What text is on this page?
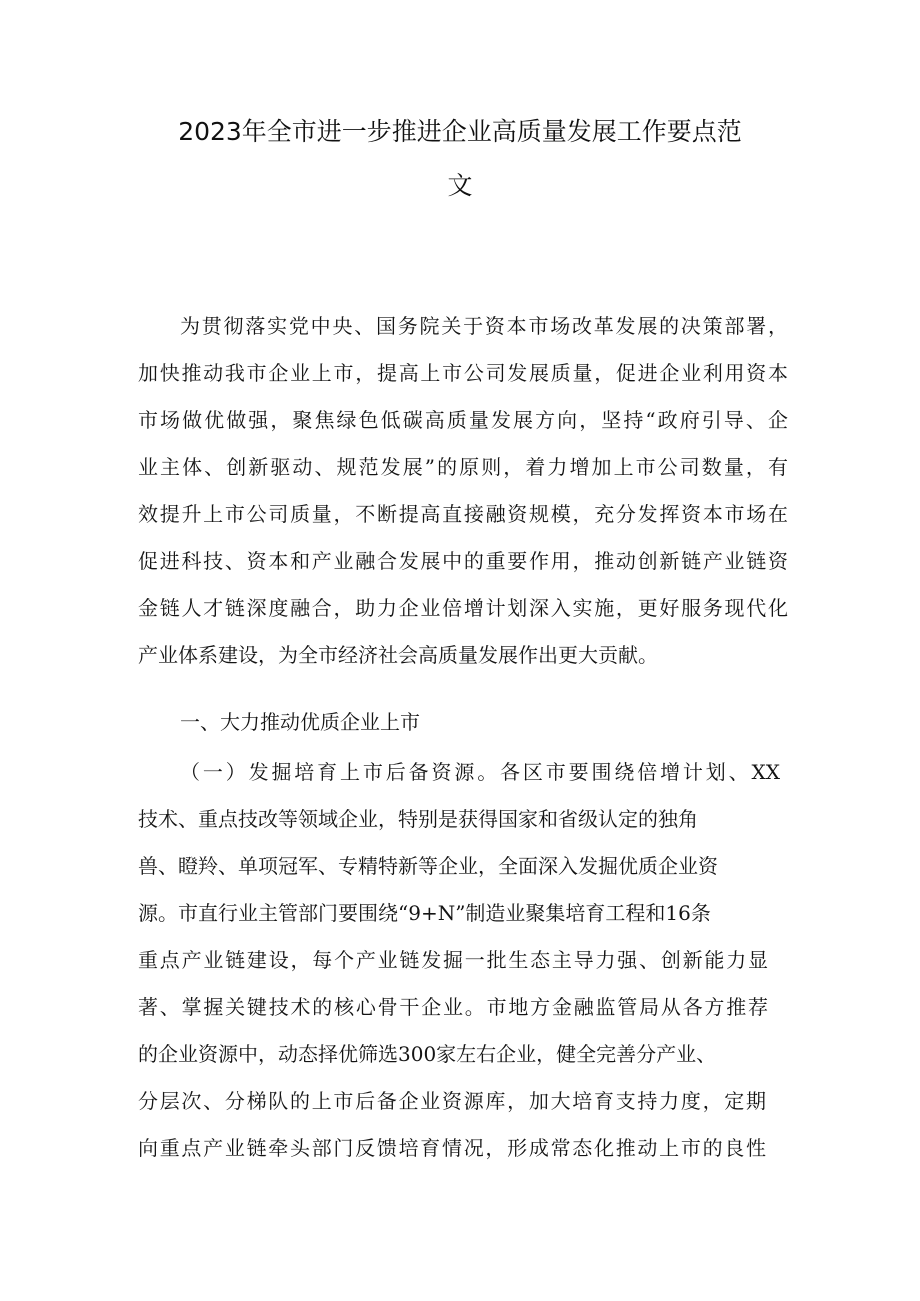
2023年全市进一步推进企业高质量发展工作要点范
文
为贯彻落实党中央、国务院关于资本市场改革发展的决策部署，
加快推动我市企业上市，提高上市公司发展质量，促进企业利用资本
市场做优做强，聚焦绿色低碳高质量发展方向，坚持“政府引导、企
业主体、创新驱动、规范发展”的原则，着力增加上市公司数量，有
效提升上市公司质量，不断提高直接融资规模，充分发挥资本市场在
促进科技、资本和产业融合发展中的重要作用，推动创新链产业链资
金链人才链深度融合，助力企业倍增计划深入实施，更好服务现代化
产业体系建设，为全市经济社会高质量发展作出更大贡献。
一、大力推动优质企业上市
（一）发掘培育上市后备资源。各区市要围绕倍增计划、XX
技术、重点技改等领域企业，特别是获得国家和省级认定的独角
兽、瞪羚、单项冠军、专精特新等企业，全面深入发掘优质企业资
源。市直行业主管部门要围绕“9+N”制造业聚集培育工程和16条
重点产业链建设，每个产业链发掘一批生态主导力强、创新能力显
著、掌握关键技术的核心骨干企业。市地方金融监管局从各方推荐
的企业资源中，动态择优筛选300家左右企业，健全完善分产业、
分层次、分梯队的上市后备企业资源库，加大培育支持力度，定期
向重点产业链牵头部门反馈培育情况，形成常态化推动上市的良性
